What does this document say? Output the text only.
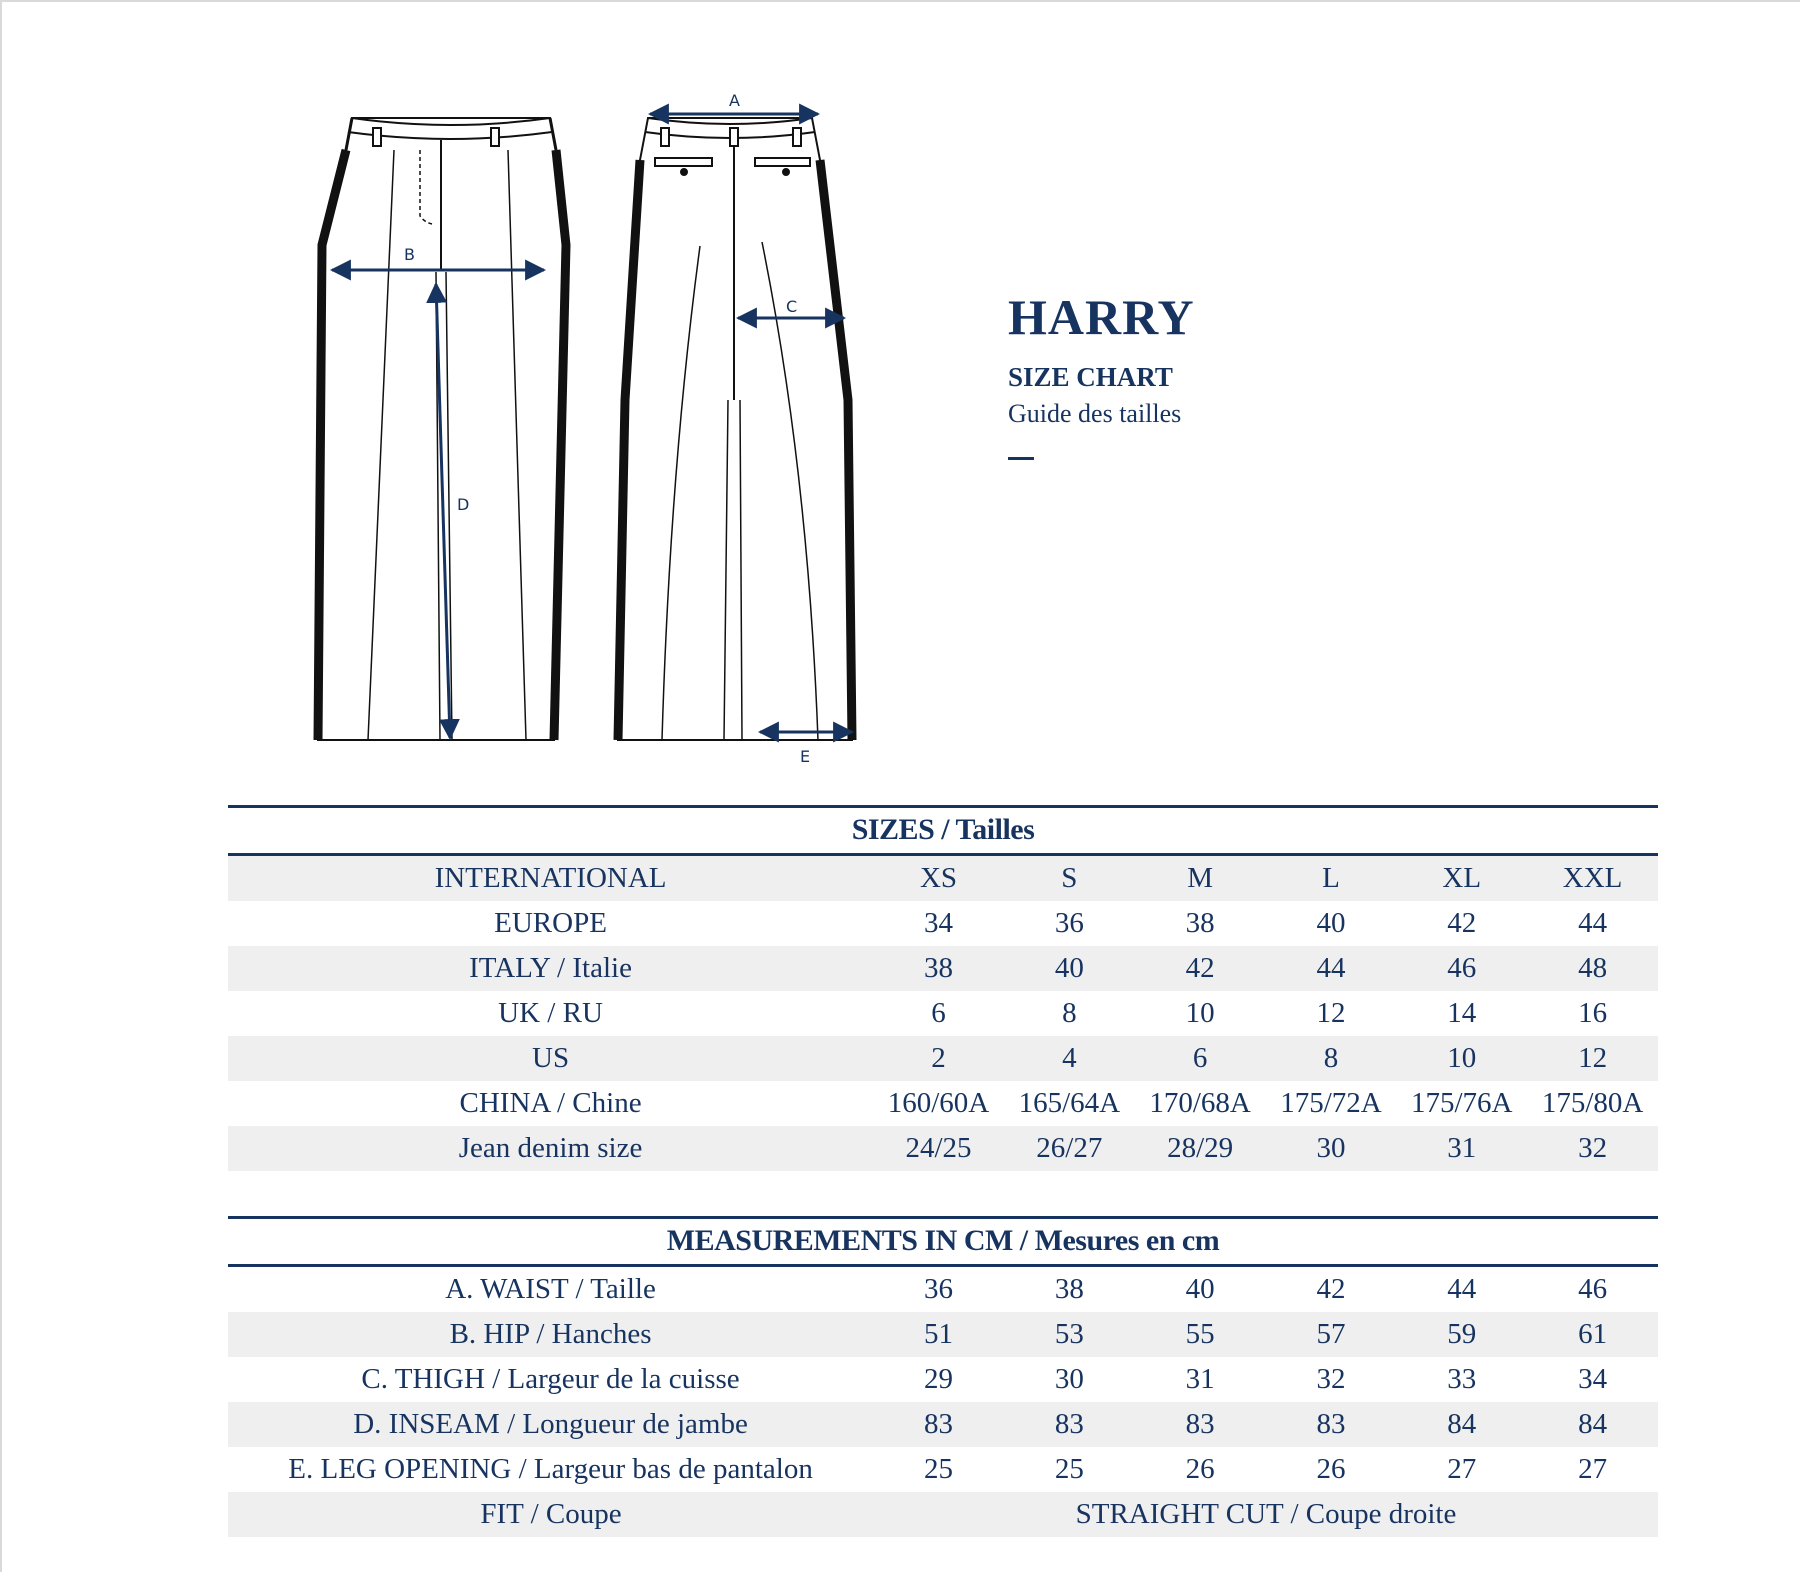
B
D
A
C
E
HARRY
SIZE CHART
Guide des tailles
SIZES / Tailles
INTERNATIONAL	XS	S	M	L	XL	XXL
EUROPE	34	36	38	40	42	44
ITALY / Italie	38	40	42	44	46	48
UK / RU	6	8	10	12	14	16
US	2	4	6	8	10	12
CHINA / Chine	160/60A	165/64A	170/68A	175/72A	175/76A	175/80A
Jean denim size	24/25	26/27	28/29	30	31	32
MEASUREMENTS IN CM / Mesures en cm
A. WAIST / Taille	36	38	40	42	44	46
B. HIP / Hanches	51	53	55	57	59	61
C. THIGH / Largeur de la cuisse	29	30	31	32	33	34
D. INSEAM / Longueur de jambe	83	83	83	83	84	84
E. LEG OPENING / Largeur bas de pantalon	25	25	26	26	27	27
FIT / Coupe	STRAIGHT CUT / Coupe droite
